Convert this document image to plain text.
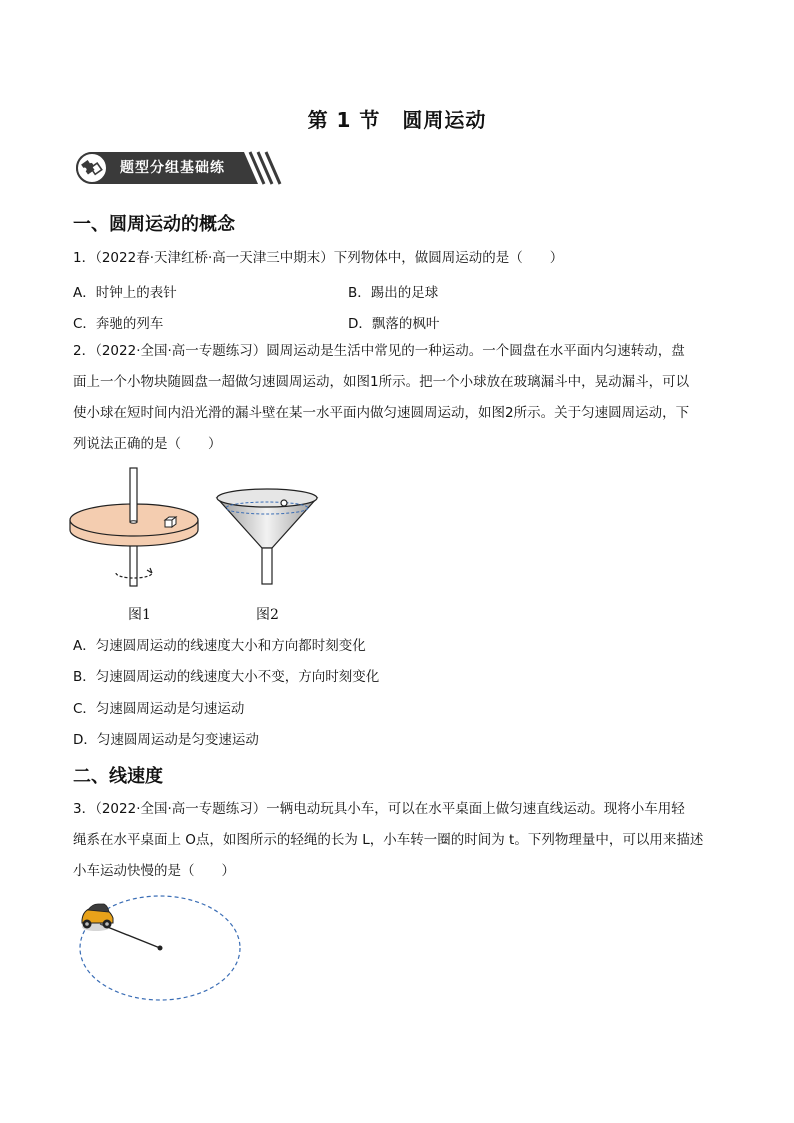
第 1 节 圆周运动
题型分组基础练
一、圆周运动的概念
1．（2022春·天津红桥·高一天津三中期末）下列物体中，做圆周运动的是（　　）
A．时钟上的表针	B．踢出的足球
C．奔驰的列车	D．飘落的枫叶
2．（2022·全国·高一专题练习）圆周运动是生活中常见的一种运动。一个圆盘在水平面内匀速转动，盘
面上一个小物块随圆盘一超做匀速圆周运动，如图1所示。把一个小球放在玻璃漏斗中，晃动漏斗，可以
使小球在短时间内沿光滑的漏斗壁在某一水平面内做匀速圆周运动，如图2所示。关于匀速圆周运动，下
列说法正确的是（　　）
图1	图2
A．匀速圆周运动的线速度大小和方向都时刻变化
B．匀速圆周运动的线速度大小不变，方向时刻变化
C．匀速圆周运动是匀速运动
D．匀速圆周运动是匀变速运动
二、线速度
3．（2022·全国·高一专题练习）一辆电动玩具小车，可以在水平桌面上做匀速直线运动。现将小车用轻
绳系在水平桌面上 O点，如图所示的轻绳的长为 L，小车转一圈的时间为 t。下列物理量中，可以用来描述
小车运动快慢的是（　　）
